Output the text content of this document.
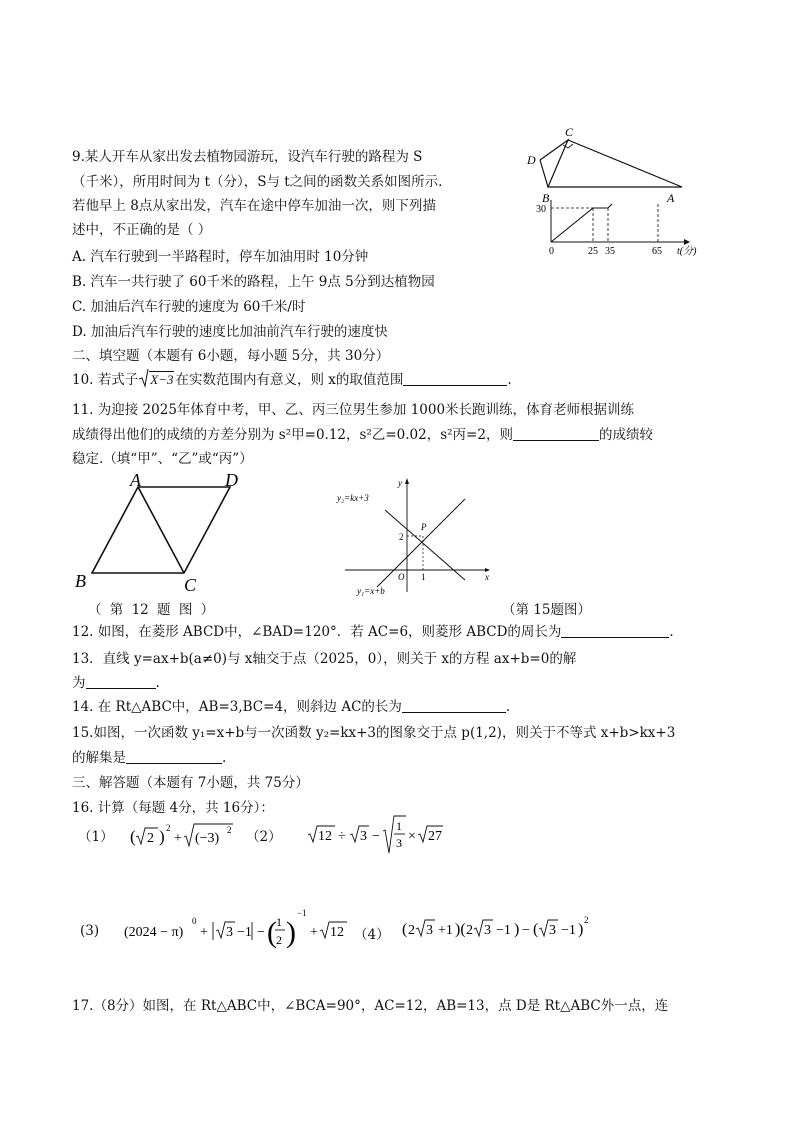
9.某人开车从家出发去植物园游玩，设汽车行驶的路程为 S
（千米），所用时间为 t（分），S与 t之间的函数关系如图所示.
若他早上 8点从家出发，汽车在途中停车加油一次，则下列描
述中，不正确的是（ ）
A. 汽车行驶到一半路程时，停车加油用时 10分钟
B. 汽车一共行驶了 60千米的路程，上午 9点 5分到达植物园
C. 加油后汽车行驶的速度为 60千米/时
D. 加油后汽车行驶的速度比加油前汽车行驶的速度快
C
D
B	A
30
0	25 35	65 t(分)
二、填空题（本题有 6小题，每小题 5分，共 30分）
10. 若式子 X−3 在实数范围内有意义，则 x的取值范围	.
11. 为迎接 2025年体育中考，甲、乙、丙三位男生参加 1000米长跑训练，体育老师根据训练
成绩得出他们的成绩的方差分别为 s²甲=0.12，s²乙=0.02，s²丙=2，则	的成绩较
稳定.（填“甲”、“乙”或“丙”）
A	D
B	C
y
y₂=kx+3
P
2
O 1	x
y₁=x+b
（ 第 12 题 图 ）	（第 15题图）
12. 如图，在菱形 ABCD中，∠BAD=120°．若 AC=6，则菱形 ABCD的周长为	.
13．直线 y=ax+b(a≠0)与 x轴交于点（2025，0），则关于 x的方程 ax+b=0的解
为	.
14. 在 Rt△ABC中，AB=3,BC=4，则斜边 AC的长为	.
15.如图，一次函数 y₁=x+b与一次函数 y₂=kx+3的图象交于点 p(1,2)，则关于不等式 x+b>kx+3
的解集是	.
三、解答题（本题有 7小题，共 75分）
16. 计算（每题 4分，共 16分）：
（1） ( 2 ) 2
+ (−3)
2 （2）	12 ÷ 3 −
1
3 × 27
(3) (2024 − π)
0
+ 3 −1 − ( 1
2 )
−1
+ 12 （4） ( 2 3 +1 )( 2 3 −1 ) − ( 3 −1 )
2
17.（8分）如图，在 Rt△ABC中，∠BCA=90°，AC=12，AB=13，点 D是 Rt△ABC外一点，连
